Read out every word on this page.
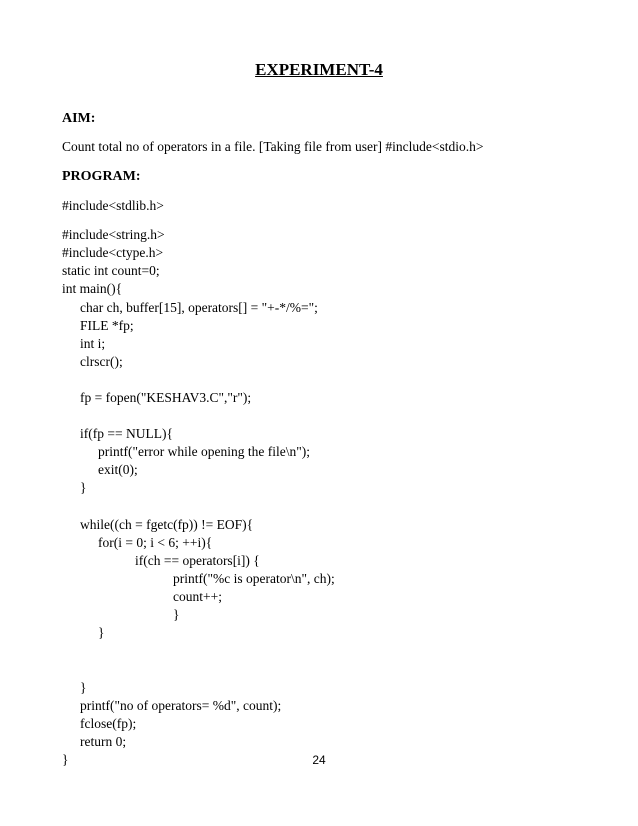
EXPERIMENT-4
AIM:
Count total no of operators in a file. [Taking file from user] #include<stdio.h>
PROGRAM:
#include<stdlib.h>
#include<string.h>
#include<ctype.h>
static int count=0;
int main(){
char ch, buffer[15], operators[] = "+-*/%=";
FILE *fp;
int i;
clrscr();
fp = fopen("KESHAV3.C","r");
if(fp == NULL){
printf("error while opening the file\n");
exit(0);
}
while((ch = fgetc(fp)) != EOF){
for(i = 0; i < 6; ++i){
if(ch == operators[i]) {
printf("%c is operator\n", ch);
count++;
}
}
}
printf("no of operators= %d", count);
fclose(fp);
return 0;
}	24
